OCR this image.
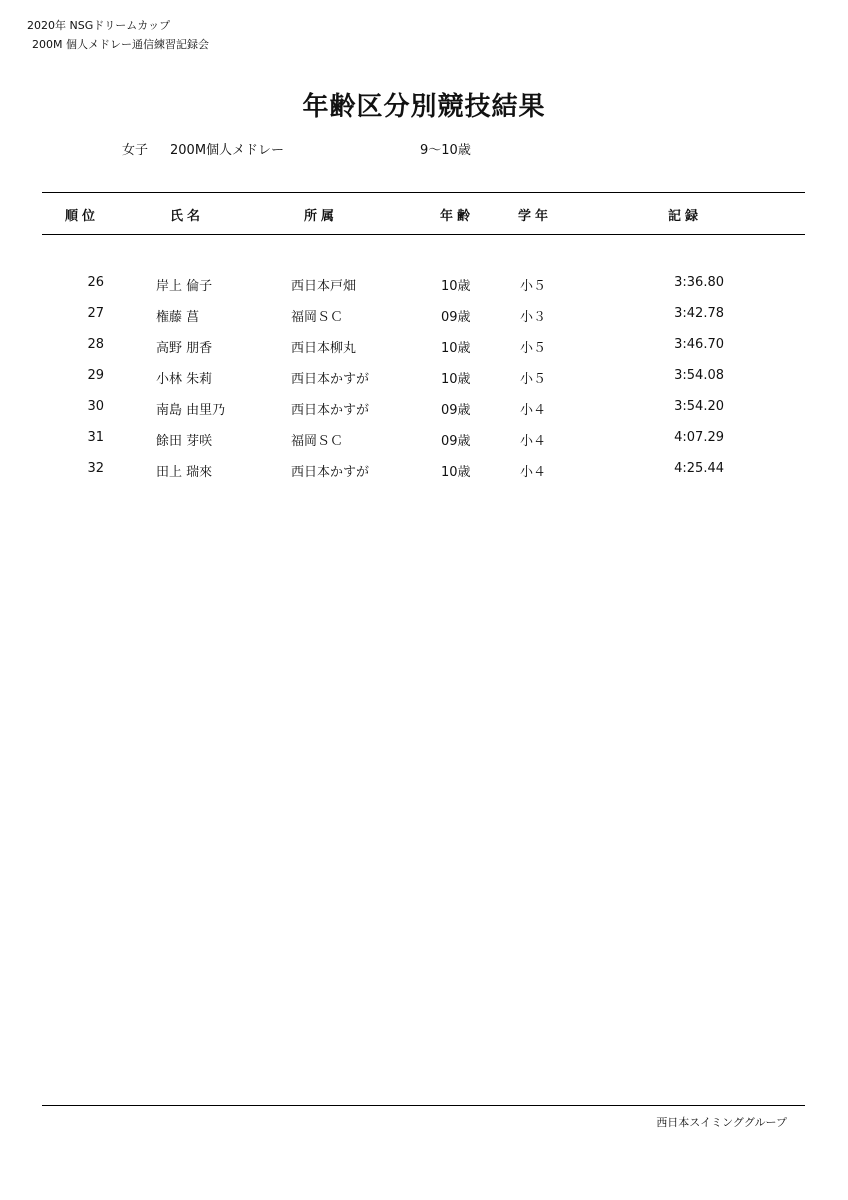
2020年 NSGドリームカップ
200M 個人メドレー通信練習記録会
年齢区分別競技結果
女子 200M個人メドレー	9～10歳
順位	氏名	所属	年齢	学年	記録
26	岸上 倫子	西日本戸畑	10歳	小５	3:36.80
27	権藤 菖	福岡ＳＣ	09歳	小３	3:42.78
28	高野 朋香	西日本柳丸	10歳	小５	3:46.70
29	小林 朱莉	西日本かすが	10歳	小５	3:54.08
30	南島 由里乃	西日本かすが	09歳	小４	3:54.20
31	餘田 芽咲	福岡ＳＣ	09歳	小４	4:07.29
32	田上 瑞來	西日本かすが	10歳	小４	4:25.44
西日本スイミンググループ
